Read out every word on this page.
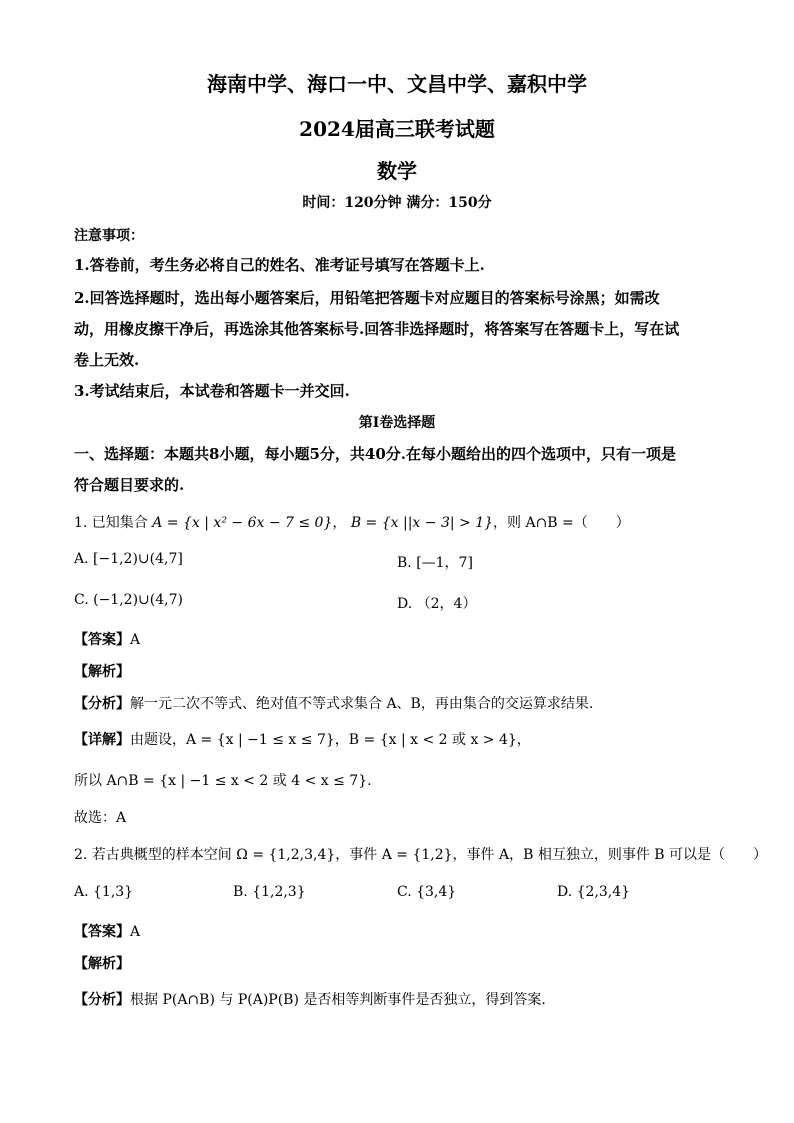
海南中学、海口一中、文昌中学、嘉积中学
2024届高三联考试题
数学
时间：120分钟 满分：150分
注意事项：
1.答卷前，考生务必将自己的姓名、准考证号填写在答题卡上.
2.回答选择题时，选出每小题答案后，用铅笔把答题卡对应题目的答案标号涂黑；如需改
动，用橡皮擦干净后，再选涂其他答案标号.回答非选择题时，将答案写在答题卡上，写在试
卷上无效.
3.考试结束后，本试卷和答题卡一并交回.
第I卷选择题
一、选择题：本题共8小题，每小题5分，共40分.在每小题给出的四个选项中，只有一项是
符合题目要求的.
1. 已知集合 A = {x | x² − 6x − 7 ≤ 0}， B = {x ||x − 3| > 1}，则 A∩B =（　　）
A. [−1,2)∪(4,7]	B. [—1，7]
C. (−1,2)∪(4,7)	D. （2，4）
【答案】A
【解析】
【分析】解一元二次不等式、绝对值不等式求集合 A、B，再由集合的交运算求结果.
【详解】由题设，A = {x | −1 ≤ x ≤ 7}，B = {x | x < 2 或 x > 4}，
所以 A∩B = {x | −1 ≤ x < 2 或 4 < x ≤ 7}.
故选：A
2. 若古典概型的样本空间 Ω = {1,2,3,4}，事件 A = {1,2}，事件 A，B 相互独立，则事件 B 可以是（　　）
A. {1,3}	B. {1,2,3}	C. {3,4}	D. {2,3,4}
【答案】A
【解析】
【分析】根据 P(A∩B) 与 P(A)P(B) 是否相等判断事件是否独立，得到答案.
